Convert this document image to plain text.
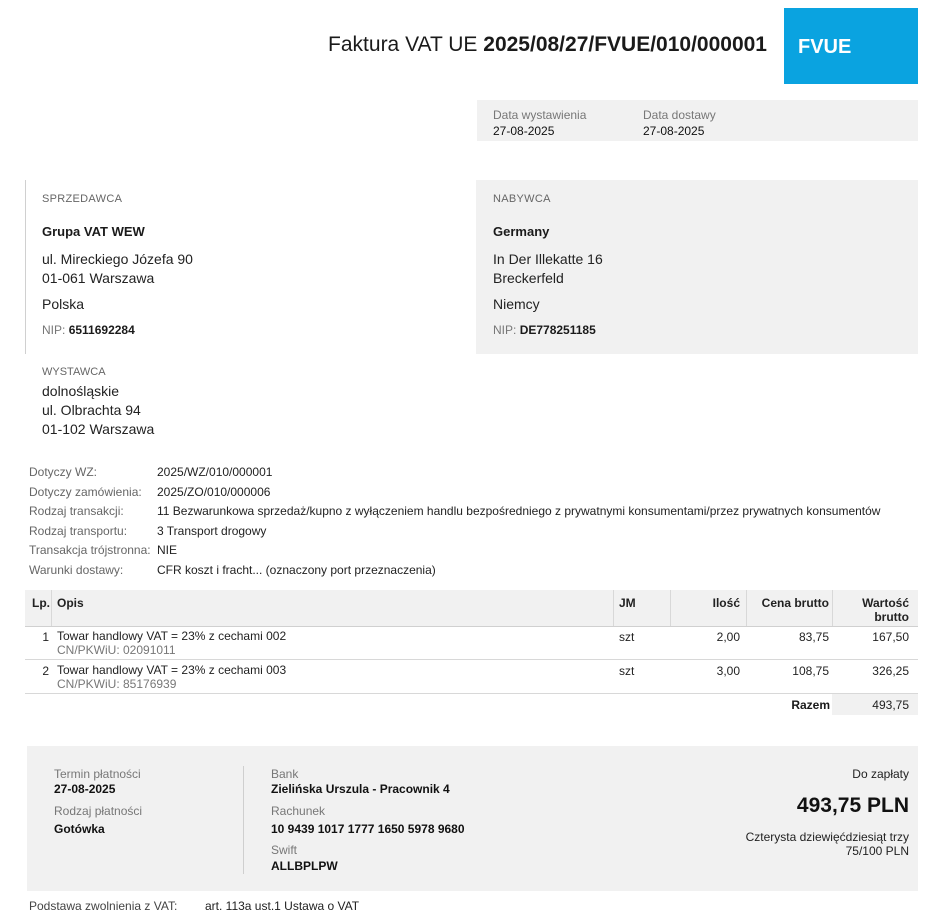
Faktura VAT UE 2025/08/27/FVUE/010/000001	FVUE
Data wystawienia
27-08-2025
Data dostawy
27-08-2025
SPRZEDAWCA
Grupa VAT WEW
ul. Mireckiego Józefa 90
01-061 Warszawa
Polska
NIP: 6511692284
NABYWCA
Germany
In Der Illekatte 16
Breckerfeld
Niemcy
NIP: DE778251185
WYSTAWCA
dolnośląskie
ul. Olbrachta 94
01-102 Warszawa
Dotyczy WZ:	2025/WZ/010/000001
Dotyczy zamówienia: 2025/ZO/010/000006
Rodzaj transakcji:	11 Bezwarunkowa sprzedaż/kupno z wyłączeniem handlu bezpośredniego z prywatnymi konsumentami/przez prywatnych konsumentów
Rodzaj transportu: 3 Transport drogowy
Transakcja trójstronna: NIE
Warunki dostawy:	CFR koszt i fracht... (oznaczony port przeznaczenia)
Lp. Opis	JM	Ilość	Cena brutto	Wartość
brutto
1 Towar handlowy VAT = 23% z cechami 002
CN/PKWiU: 02091011
szt	2,00	83,75	167,50
2 Towar handlowy VAT = 23% z cechami 003
CN/PKWiU: 85176939
szt	3,00	108,75	326,25
Razem	493,75
Termin płatności
27-08-2025
Rodzaj płatności
Gotówka
Bank
Zielińska Urszula - Pracownik 4
Rachunek
10 9439 1017 1777 1650 5978 9680
Swift
ALLBPLPW
Do zapłaty
493,75 PLN
Czterysta dziewięćdziesiąt trzy
75/100 PLN
Podstawa zwolnienia z VAT: art. 113a ust.1 Ustawa o VAT
